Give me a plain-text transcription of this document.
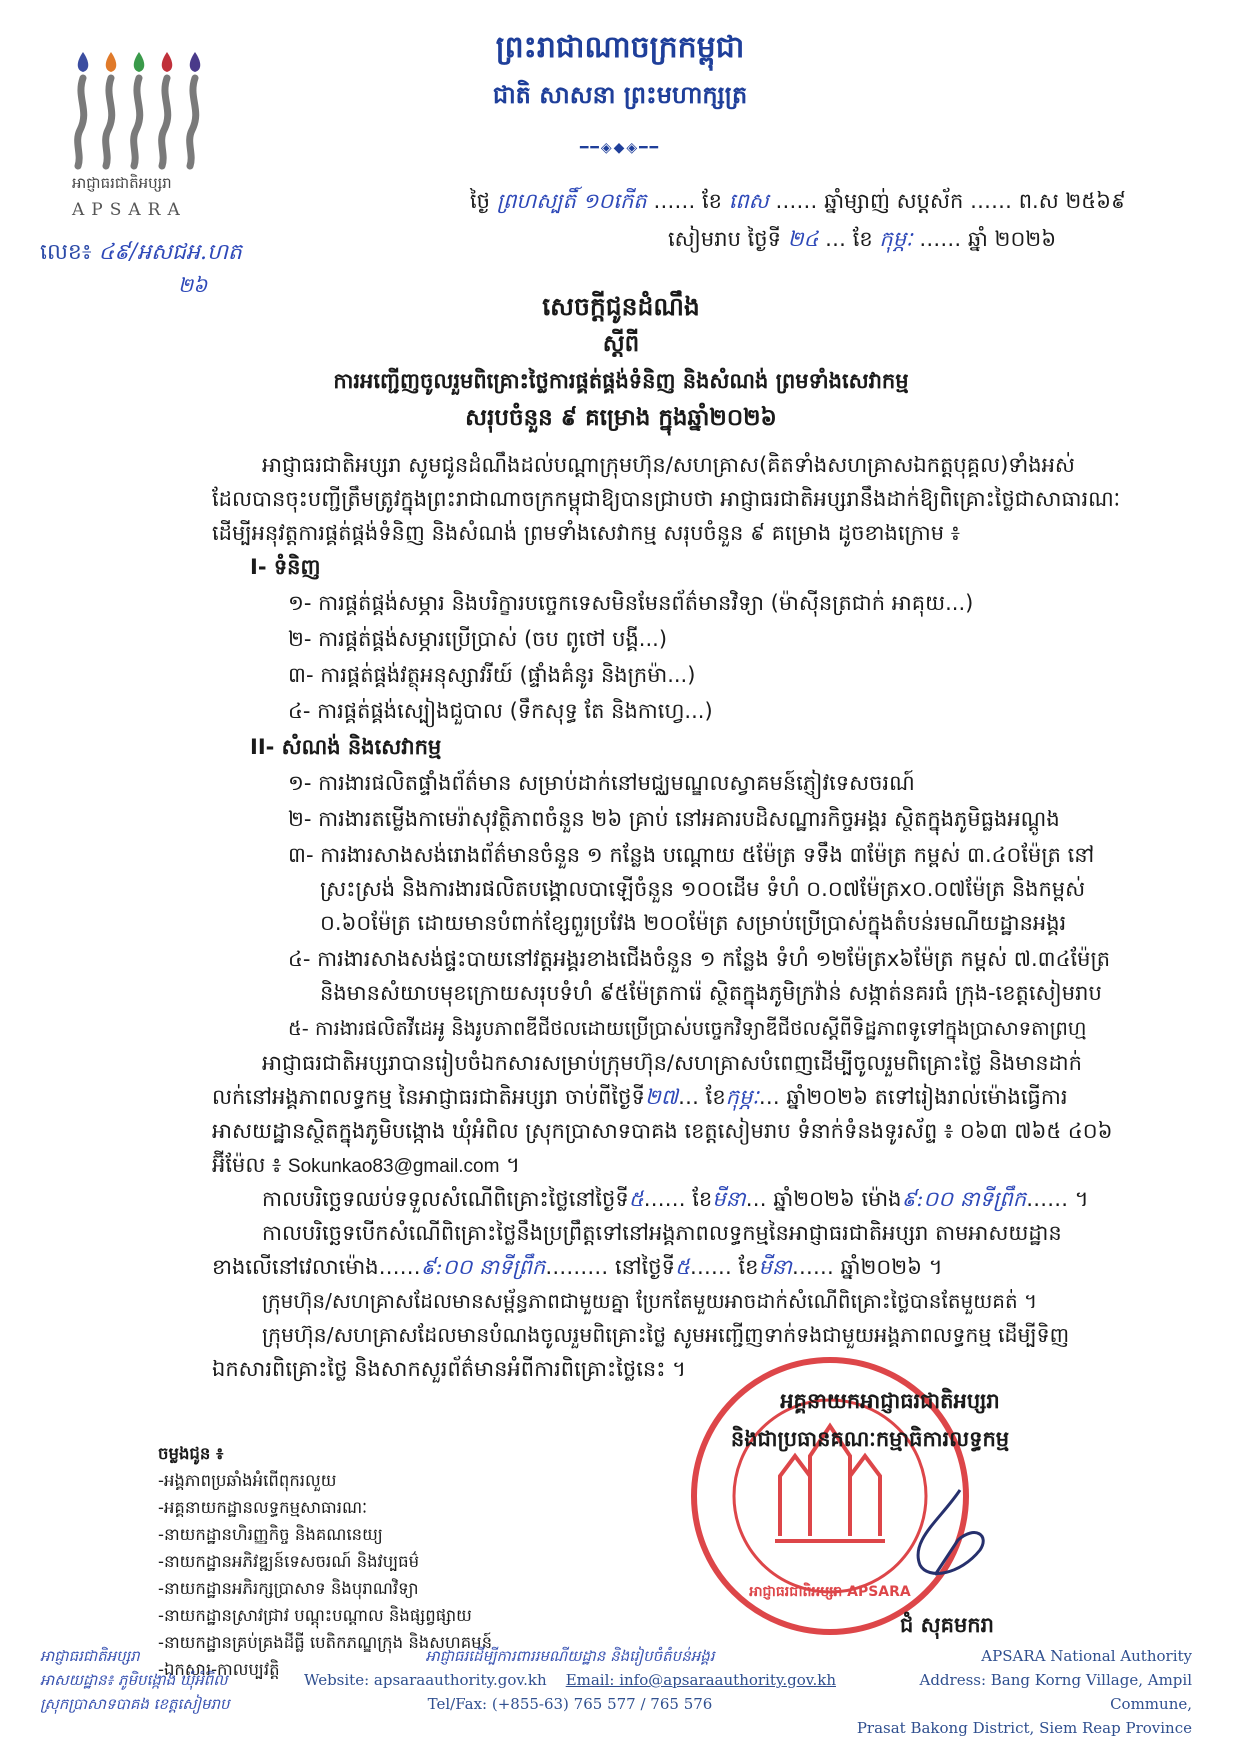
អាជ្ញាធរជាតិអប្សរា
APSARA
ព្រះរាជាណាចក្រកម្ពុជា
ជាតិ សាសនា ព្រះមហាក្សត្រ
━━◈◆◈━━
លេខ៖ ៤៩/អសជអ.ហត
២៦
ថ្ងៃ ព្រហស្បតិ៍ ១០កើត …… ខែ ពេស …… ឆ្នាំម្សាញ់ សប្តស័ក …… ព.ស ២៥៦៩
សៀមរាប ថ្ងៃទី ២៤ … ខែ កុម្ភៈ …… ឆ្នាំ ២០២៦
សេចក្តីជូនដំណឹង
ស្តីពី
ការអញ្ជើញចូលរួមពិគ្រោះថ្លៃការផ្គត់ផ្គង់ទំនិញ និងសំណង់ ព្រមទាំងសេវាកម្ម
សរុបចំនួន ៩ គម្រោង ក្នុងឆ្នាំ២០២៦
អាជ្ញាធរជាតិអប្សរា សូមជូនដំណឹងដល់បណ្តាក្រុមហ៊ុន/សហគ្រាស(គិតទាំងសហគ្រាសឯកត្តបុគ្គល)ទាំងអស់
ដែលបានចុះបញ្ជីត្រឹមត្រូវក្នុងព្រះរាជាណាចក្រកម្ពុជាឱ្យបានជ្រាបថា អាជ្ញាធរជាតិអប្សរានឹងដាក់ឱ្យពិគ្រោះថ្លៃជាសាធារណៈ
ដើម្បីអនុវត្តការផ្គត់ផ្គង់ទំនិញ និងសំណង់ ព្រមទាំងសេវាកម្ម សរុបចំនួន ៩ គម្រោង ដូចខាងក្រោម ៖
I- ទំនិញ
១- ការផ្គត់ផ្គង់សម្ភារ និងបរិក្ខារបច្ចេកទេសមិនមែនព័ត៌មានវិទ្យា (ម៉ាស៊ីនត្រជាក់ អាគុយ...)
២- ការផ្គត់ផ្គង់សម្ភារប្រើប្រាស់ (ចប ពូថៅ បង្គី...)
៣- ការផ្គត់ផ្គង់វត្ថុអនុស្សាវរីយ៍ (ផ្ទាំងគំនូរ និងក្រម៉ា...)
៤- ការផ្គត់ផ្គង់ស្បៀងជួបាល (ទឹកសុទ្ធ តែ និងកាហ្វេ...)
II- សំណង់ និងសេវាកម្ម
១- ការងារផលិតផ្ទាំងព័ត៌មាន សម្រាប់ដាក់នៅមជ្ឈមណ្ឌលស្វាគមន៍ភ្ញៀវទេសចរណ៍
២- ការងារតម្លើងកាមេរ៉ាសុវត្ថិភាពចំនួន ២៦ គ្រាប់ នៅអគារបដិសណ្ឋារកិច្ចអង្គរ ស្ថិតក្នុងភូមិធ្លងអណ្តូង
៣- ការងារសាងសង់រោងព័ត៌មានចំនួន ១ កន្លែង បណ្តោយ ៥ម៉ែត្រ ទទឹង ៣ម៉ែត្រ កម្ពស់ ៣.៤០ម៉ែត្រ នៅ
ស្រះស្រង់ និងការងារផលិតបង្គោលបាឡើចំនួន ១០០ដើម ទំហំ ០.០៧ម៉ែត្រx០.០៧ម៉ែត្រ និងកម្ពស់
០.៦០ម៉ែត្រ ដោយមានបំពាក់ខ្សែពួរប្រវែង ២០០ម៉ែត្រ សម្រាប់ប្រើប្រាស់ក្នុងតំបន់រមណីយដ្ឋានអង្គរ
៤- ការងារសាងសង់ផ្ទះបាយនៅវត្តអង្គរខាងជើងចំនួន ១ កន្លែង ទំហំ ១២ម៉ែត្រx៦ម៉ែត្រ កម្ពស់ ៧.៣៤ម៉ែត្រ
និងមានសំយាបមុខក្រោយសរុបទំហំ ៩៥ម៉ែត្រការ៉េ ស្ថិតក្នុងភូមិក្រវ៉ាន់ សង្កាត់នគរធំ ក្រុង-ខេត្តសៀមរាប
៥- ការងារផលិតវីដេអូ និងរូបភាពឌីជីថលដោយប្រើប្រាស់បច្ចេកវិទ្យាឌីជីថលស្តីពីទិដ្ឋភាពទូទៅក្នុងប្រាសាទតាព្រហ្ម
អាជ្ញាធរជាតិអប្សរាបានរៀបចំឯកសារសម្រាប់ក្រុមហ៊ុន/សហគ្រាសបំពេញដើម្បីចូលរួមពិគ្រោះថ្លៃ និងមានដាក់
លក់នៅអង្គភាពលទ្ធកម្ម នៃអាជ្ញាធរជាតិអប្សរា ចាប់ពីថ្ងៃទី២៧… ខែកុម្ភៈ… ឆ្នាំ២០២៦ តទៅរៀងរាល់ម៉ោងធ្វើការ
អាសយដ្ឋានស្ថិតក្នុងភូមិបង្កោង ឃុំអំពិល ស្រុកប្រាសាទបាគង ខេត្តសៀមរាប ទំនាក់ទំនងទូរស័ព្ទ ៖ ០៦៣ ៧៦៥ ៤០៦
អ៊ីម៉ែល ៖ Sokunkao83@gmail.com ។
កាលបរិច្ឆេទឈប់ទទួលសំណើពិគ្រោះថ្លៃនៅថ្ងៃទី៥…… ខែមីនា… ឆ្នាំ២០២៦ ម៉ោង៩:០០ នាទីព្រឹក…… ។
កាលបរិច្ឆេទបើកសំណើពិគ្រោះថ្លៃនឹងប្រព្រឹត្តទៅនៅអង្គភាពលទ្ធកម្មនៃអាជ្ញាធរជាតិអប្សរា តាមអាសយដ្ឋាន
ខាងលើនៅវេលាម៉ោង……៩:០០ នាទីព្រឹក……… នៅថ្ងៃទី៥…… ខែមីនា…… ឆ្នាំ២០២៦ ។
ក្រុមហ៊ុន/សហគ្រាសដែលមានសម្ព័ន្ធភាពជាមួយគ្នា ប្រែកតែមួយអាចដាក់សំណើពិគ្រោះថ្លៃបានតែមួយគត់ ។
ក្រុមហ៊ុន/សហគ្រាសដែលមានបំណងចូលរួមពិគ្រោះថ្លៃ សូមអញ្ជើញទាក់ទងជាមួយអង្គភាពលទ្ធកម្ម ដើម្បីទិញ
ឯកសារពិគ្រោះថ្លៃ និងសាកសួរព័ត៌មានអំពីការពិគ្រោះថ្លៃនេះ ។
អាជ្ញាធរជាតិអប្សរា APSARA
អគ្គនាយកអាជ្ញាធរជាតិអប្សរា
និងជាប្រធានគណៈកម្មាធិការលទ្ធកម្ម
ជំ សុគមករា
ចម្លងជូន ៖
-អង្គភាពប្រឆាំងអំពើពុករលួយ
-អគ្គនាយកដ្ឋានលទ្ធកម្មសាធារណៈ
-នាយកដ្ឋានហិរញ្ញកិច្ច និងគណនេយ្យ
-នាយកដ្ឋានអភិវឌ្ឍន៍ទេសចរណ៍ និងវប្បធម៌
-នាយកដ្ឋានអភិរក្សប្រាសាទ និងបុរាណវិទ្យា
-នាយកដ្ឋានស្រាវជ្រាវ បណ្តុះបណ្តាល និងផ្សព្វផ្សាយ
-នាយកដ្ឋានគ្រប់គ្រងដីធ្លី បេតិកភណ្ឌក្រុង និងសហគមន៍
-ឯកសារ-កាលប្បវត្តិ
អាជ្ញាធរជាតិអប្សរា
អាសយដ្ឋាន៖ ភូមិបង្កោង ឃុំអំពិល
ស្រុកប្រាសាទបាគង ខេត្តសៀមរាប
អាជ្ញាធរដើម្បីការពាររមណីយដ្ឋាន និងរៀបចំតំបន់អង្គរ
Website: apsaraauthority.gov.kh Email: info@apsaraauthority.gov.kh
Tel/Fax: (+855-63) 765 577 / 765 576
APSARA National Authority
Address: Bang Korng Village, Ampil Commune,
Prasat Bakong District, Siem Reap Province
